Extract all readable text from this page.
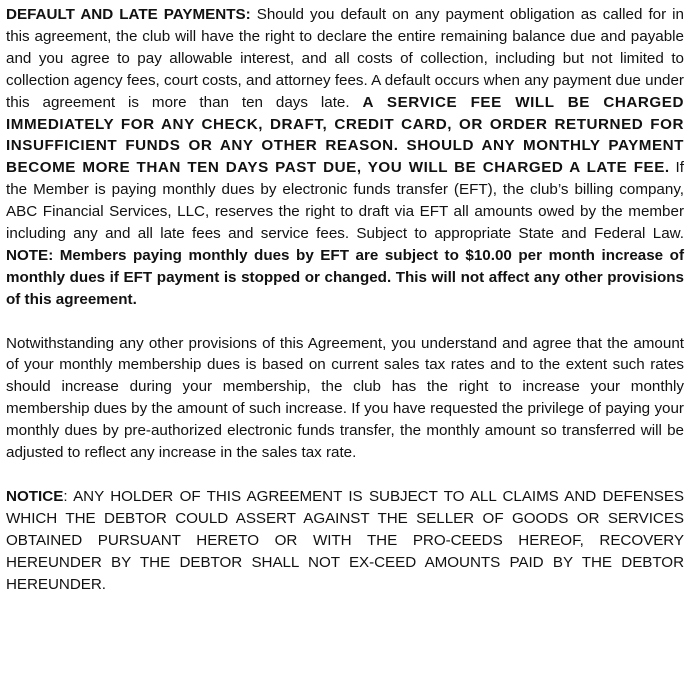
DEFAULT AND LATE PAYMENTS: Should you default on any payment obligation as called for in this agreement, the club will have the right to declare the entire remaining balance due and payable and you agree to pay allowable interest, and all costs of collection, including but not limited to collection agency fees, court costs, and attorney fees. A default occurs when any payment due under this agreement is more than ten days late. A SERVICE FEE WILL BE CHARGED IMMEDIATELY FOR ANY CHECK, DRAFT, CREDIT CARD, OR ORDER RETURNED FOR INSUFFICIENT FUNDS OR ANY OTHER REASON. SHOULD ANY MONTHLY PAYMENT BECOME MORE THAN TEN DAYS PAST DUE, YOU WILL BE CHARGED A LATE FEE. If the Member is paying monthly dues by electronic funds transfer (EFT), the club’s billing company, ABC Financial Services, LLC, reserves the right to draft via EFT all amounts owed by the member including any and all late fees and service fees. Subject to appropriate State and Federal Law. NOTE: Members paying monthly dues by EFT are subject to $10.00 per month increase of monthly dues if EFT payment is stopped or changed. This will not affect any other provisions of this agreement.

Notwithstanding any other provisions of this Agreement, you understand and agree that the amount of your monthly membership dues is based on current sales tax rates and to the extent such rates should increase during your membership, the club has the right to increase your monthly membership dues by the amount of such increase. If you have requested the privilege of paying your monthly dues by pre-authorized electronic funds transfer, the monthly amount so transferred will be adjusted to reflect any increase in the sales tax rate.

NOTICE: ANY HOLDER OF THIS AGREEMENT IS SUBJECT TO ALL CLAIMS AND DEFENSES WHICH THE DEBTOR COULD ASSERT AGAINST THE SELLER OF GOODS OR SERVICES OBTAINED PURSUANT HERETO OR WITH THE PRO-CEEDS HEREOF, RECOVERY HEREUNDER BY THE DEBTOR SHALL NOT EX-CEED AMOUNTS PAID BY THE DEBTOR HEREUNDER.
